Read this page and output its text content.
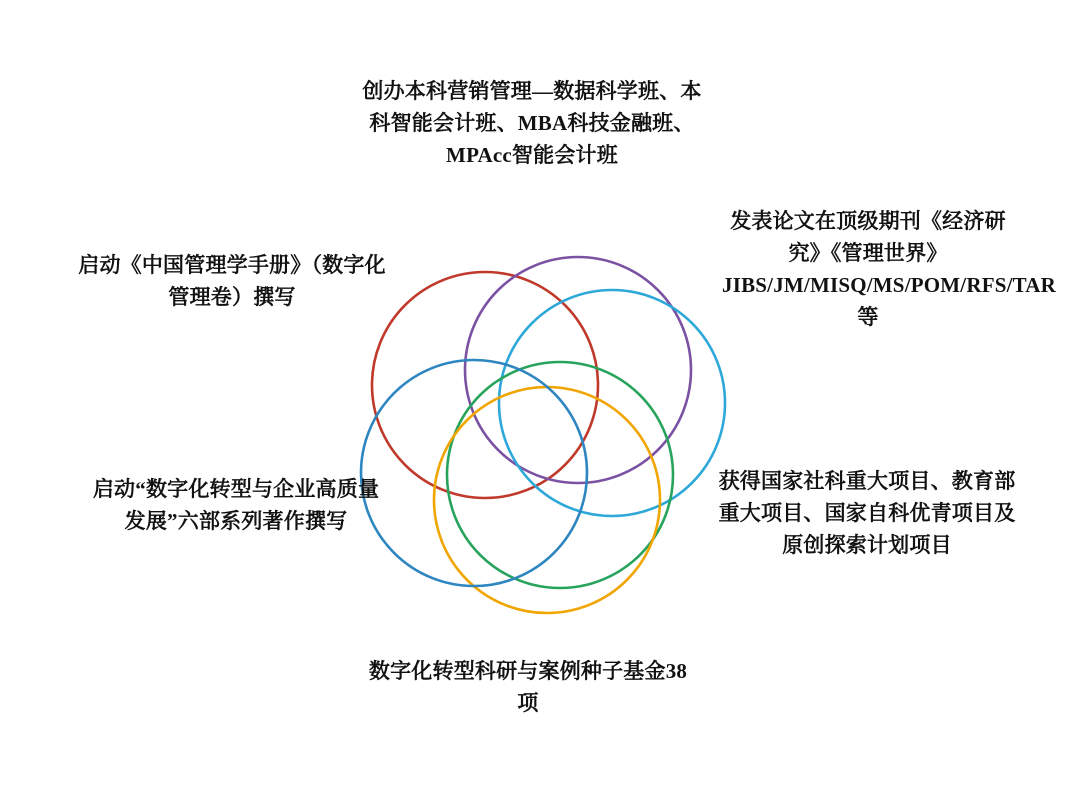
创办本科营销管理—数据科学班、本科智能会计班、MBA科技金融班、MPAcc智能会计班
发表论文在顶级期刊《经济研究》《管理世界》JIBS/JM/MISQ/MS/POM/RFS/TAR等
启动《中国管理学手册》（数字化管理卷）撰写
获得国家社科重大项目、教育部重大项目、国家自科优青项目及原创探索计划项目
启动“数字化转型与企业高质量发展”六部系列著作撰写
数字化转型科研与案例种子基金38项
